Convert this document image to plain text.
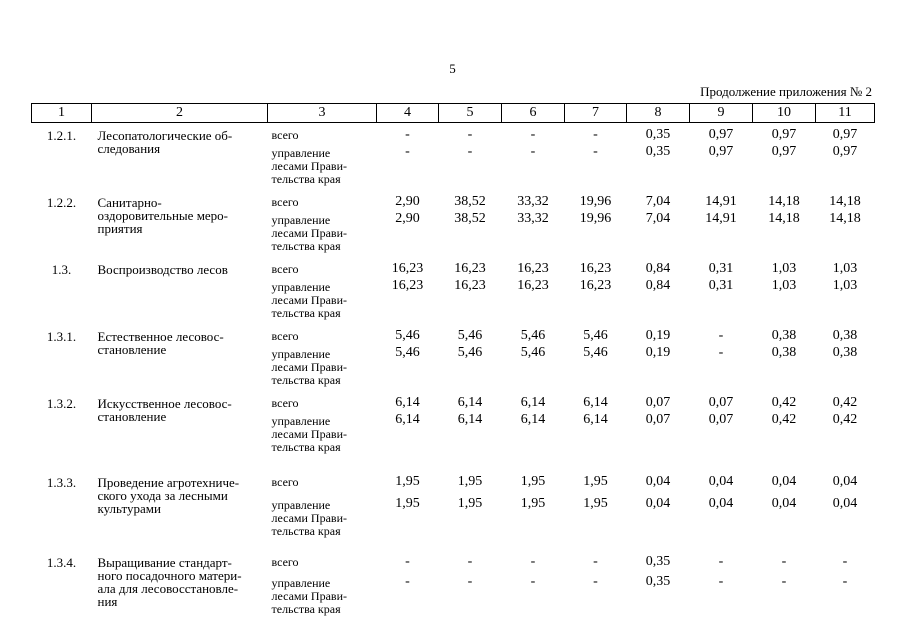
5
Продолжение приложения № 2
1	2	3	4	5	6	7	8	9	10	11
1.2.1.	Лесопатологические об-
следования	всего	-	-	-	-	0,35	0,97	0,97	0,97
		управление
лесами Прави-
тельства края	-	-	-	-	0,35	0,97	0,97	0,97
1.2.2.	Санитарно-
оздоровительные меро-
приятия	всего	2,90	38,52	33,32	19,96	7,04	14,91	14,18	14,18
		управление
лесами Прави-
тельства края	2,90	38,52	33,32	19,96	7,04	14,91	14,18	14,18
1.3.	Воспроизводство лесов	всего	16,23	16,23	16,23	16,23	0,84	0,31	1,03	1,03
		управление
лесами Прави-
тельства края	16,23	16,23	16,23	16,23	0,84	0,31	1,03	1,03
1.3.1.	Естественное лесовос-
становление	всего	5,46	5,46	5,46	5,46	0,19	-	0,38	0,38
		управление
лесами Прави-
тельства края	5,46	5,46	5,46	5,46	0,19	-	0,38	0,38
1.3.2.	Искусственное лесовос-
становление	всего	6,14	6,14	6,14	6,14	0,07	0,07	0,42	0,42
		управление
лесами Прави-
тельства края	6,14	6,14	6,14	6,14	0,07	0,07	0,42	0,42
1.3.3.	Проведение агротехниче-
ского ухода за лесными
культурами	всего	1,95	1,95	1,95	1,95	0,04	0,04	0,04	0,04
		управление
лесами Прави-
тельства края	1,95	1,95	1,95	1,95	0,04	0,04	0,04	0,04
1.3.4.	Выращивание стандарт-
ного посадочного матери-
ала для лесовосстановле-
ния	всего	-	-	-	-	0,35	-	-	-
		управление
лесами Прави-
тельства края	-	-	-	-	0,35	-	-	-
